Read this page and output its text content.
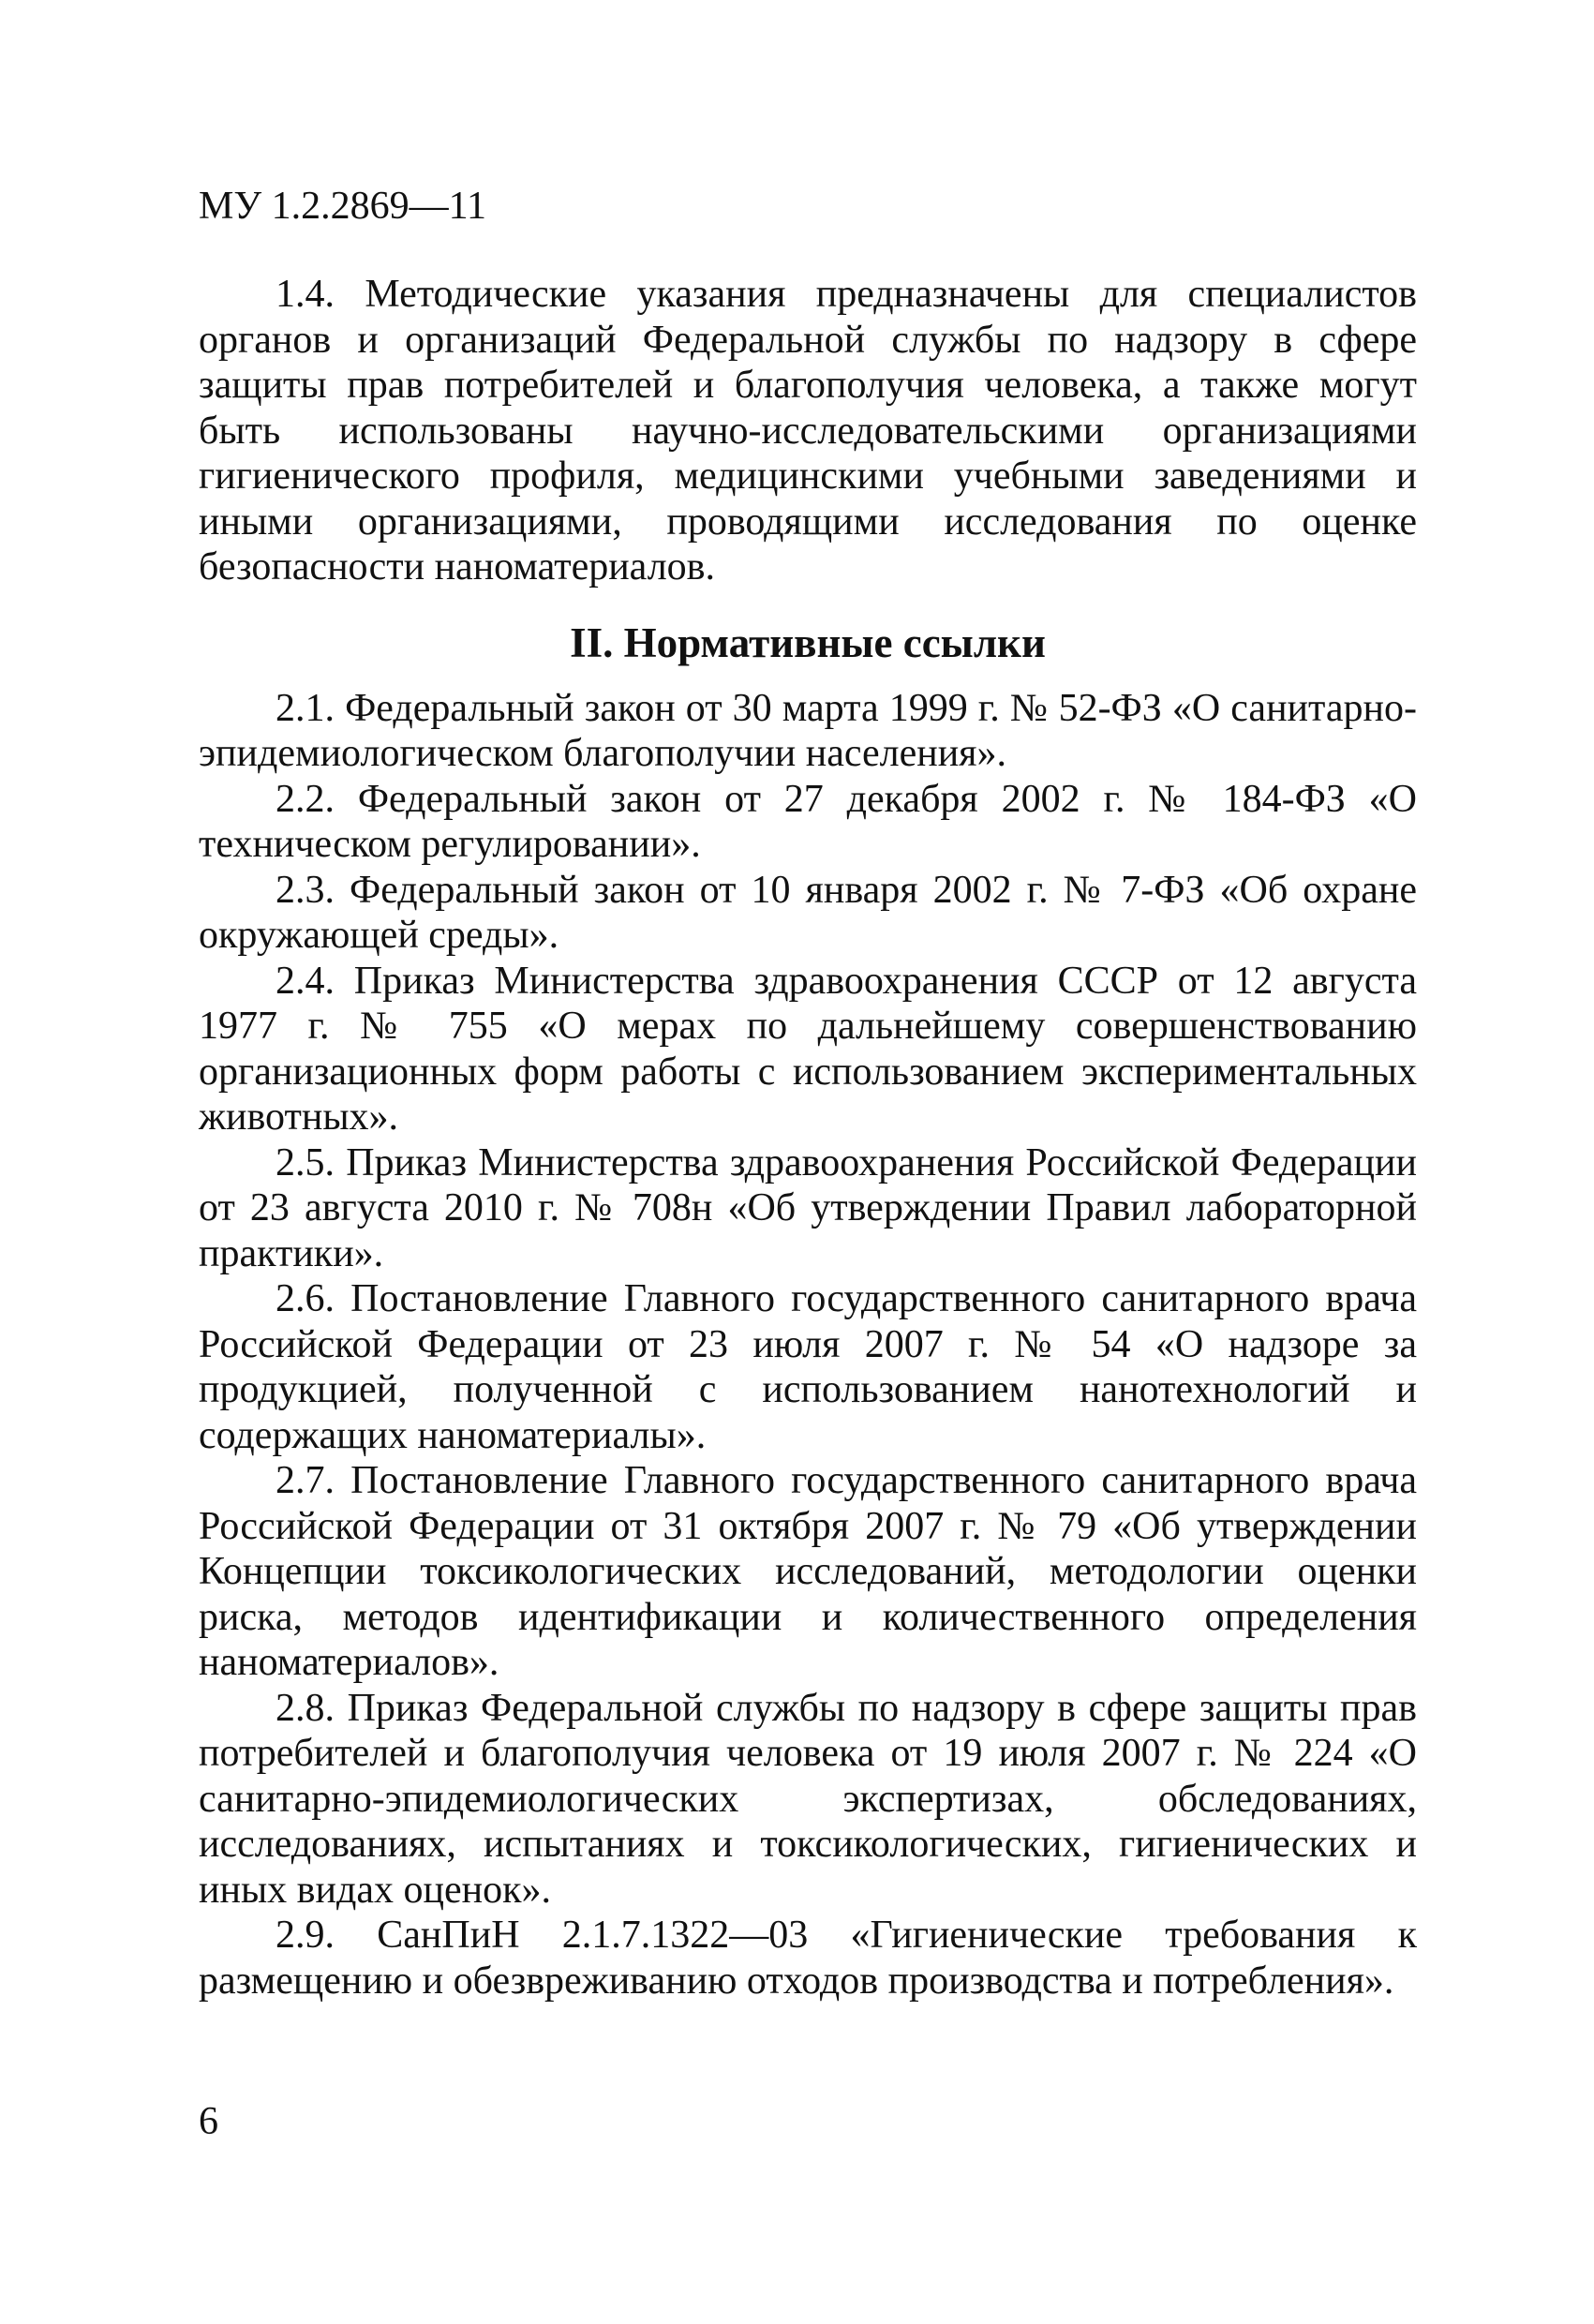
МУ 1.2.2869—11

1.4. Методические указания предназначены для специалистов органов и организаций Федеральной службы по надзору в сфере защиты прав потребителей и благополучия человека, а также могут быть использованы научно-исследовательскими организациями гигиенического профиля, медицинскими учебными заведениями и иными организациями, проводящими исследования по оценке безопасности наноматериалов.

II. Нормативные ссылки

2.1. Федеральный закон от 30 марта 1999 г. № 52-ФЗ «О санитарно-эпидемиологическом благополучии населения».

2.2. Федеральный закон от 27 декабря 2002 г. № 184-ФЗ «О техническом регулировании».

2.3. Федеральный закон от 10 января 2002 г. № 7-ФЗ «Об охране окружающей среды».

2.4. Приказ Министерства здравоохранения СССР от 12 августа 1977 г. № 755 «О мерах по дальнейшему совершенствованию организационных форм работы с использованием экспериментальных животных».

2.5. Приказ Министерства здравоохранения Российской Федерации от 23 августа 2010 г. № 708н «Об утверждении Правил лабораторной практики».

2.6. Постановление Главного государственного санитарного врача Российской Федерации от 23 июля 2007 г. № 54 «О надзоре за продукцией, полученной с использованием нанотехнологий и содержащих наноматериалы».

2.7. Постановление Главного государственного санитарного врача Российской Федерации от 31 октября 2007 г. № 79 «Об утверждении Концепции токсикологических исследований, методологии оценки риска, методов идентификации и количественного определения наноматериалов».

2.8. Приказ Федеральной службы по надзору в сфере защиты прав потребителей и благополучия человека от 19 июля 2007 г. № 224 «О санитарно-эпидемиологических экспертизах, обследованиях, исследованиях, испытаниях и токсикологических, гигиенических и иных видах оценок».

2.9. СанПиН 2.1.7.1322—03 «Гигиенические требования к размещению и обезвреживанию отходов производства и потребления».

6
